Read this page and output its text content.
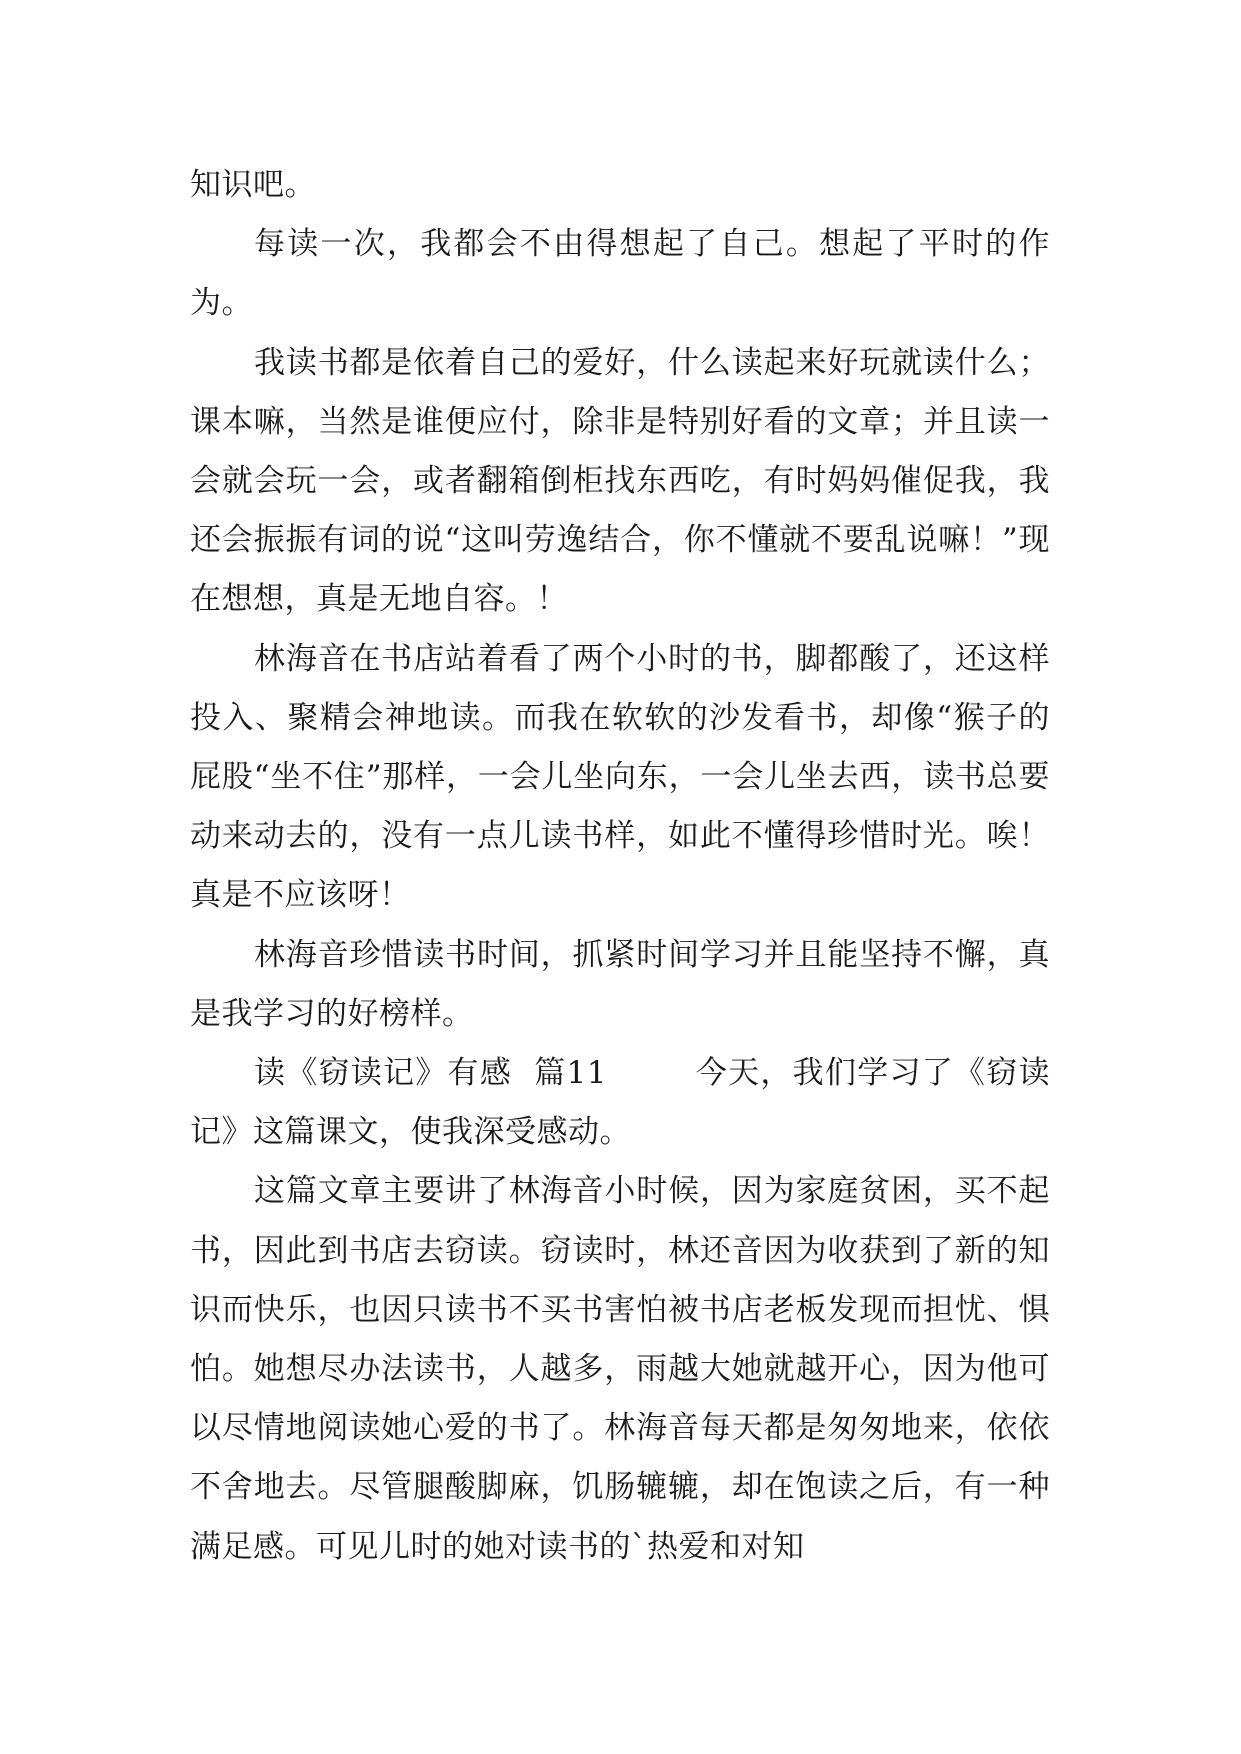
知识吧。

每读一次，我都会不由得想起了自己。想起了平时的作为。

我读书都是依着自己的爱好，什么读起来好玩就读什么；课本嘛，当然是谁便应付，除非是特别好看的文章；并且读一会就会玩一会，或者翻箱倒柜找东西吃，有时妈妈催促我，我还会振振有词的说“这叫劳逸结合，你不懂就不要乱说嘛！”现在想想，真是无地自容。！

林海音在书店站着看了两个小时的书，脚都酸了，还这样投入、聚精会神地读。而我在软软的沙发看书，却像“猴子的屁股“坐不住”那样，一会儿坐向东，一会儿坐去西，读书总要动来动去的，没有一点儿读书样，如此不懂得珍惜时光。唉！真是不应该呀！

林海音珍惜读书时间，抓紧时间学习并且能坚持不懈，真是我学习的好榜样。

读《窃读记》有感  篇11        今天，我们学习了《窃读记》这篇课文，使我深受感动。

这篇文章主要讲了林海音小时候，因为家庭贫困，买不起书，因此到书店去窃读。窃读时，林还音因为收获到了新的知识而快乐，也因只读书不买书害怕被书店老板发现而担忧、惧怕。她想尽办法读书，人越多，雨越大她就越开心，因为他可以尽情地阅读她心爱的书了。林海音每天都是匆匆地来，依依不舍地去。尽管腿酸脚麻，饥肠辘辘，却在饱读之后，有一种满足感。可见儿时的她对读书的`热爱和对知
